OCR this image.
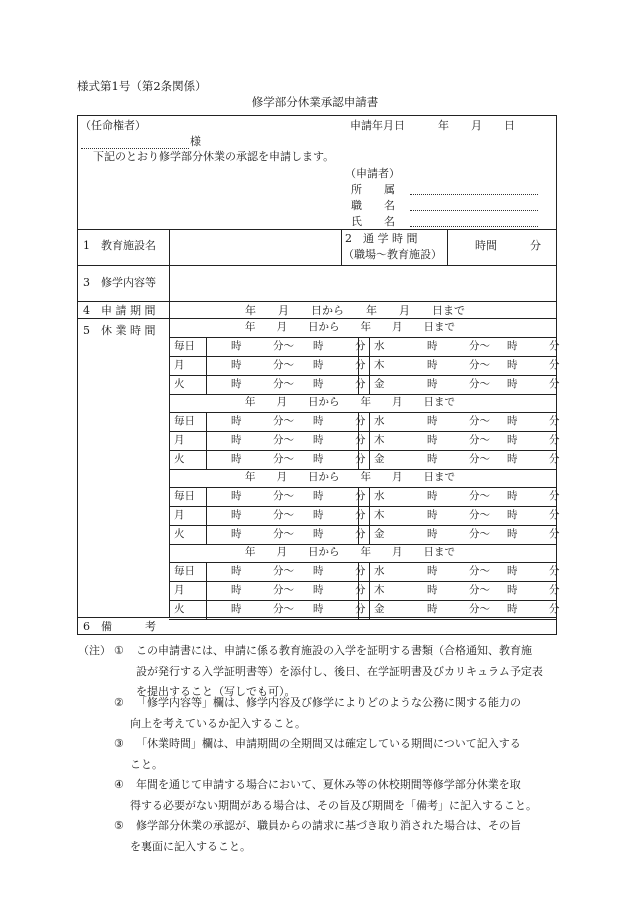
様式第1号（第2条関係）
修学部分休業承認申請書
（任命権者）	申請年月日　　　年　　月　　日
様
下記のとおり修学部分休業の承認を申請します。
（申請者）
所　　属
職　　名
氏　　名
1　教育施設名
2　通 学 時 間
（職場～教育施設）
時間　　　分
3　修学内容等
4　申 請 期 間	年　　月　　日から　　年　　月　　日まで
5　休 業 時 間	年　　月　　日から　　年　　月　　日まで
毎日	時　　　分～ 時　　　分 水	時　　　分～ 時　　　分
月	時　　　分～ 時　　　分 木	時　　　分～ 時　　　分
火	時　　　分～ 時　　　分 金	時　　　分～ 時　　　分
年　　月　　日から　　年　　月　　日まで
毎日	時　　　分～ 時　　　分 水	時　　　分～ 時　　　分
月	時　　　分～ 時　　　分 木	時　　　分～ 時　　　分
火	時　　　分～ 時　　　分 金	時　　　分～ 時　　　分
年　　月　　日から　　年　　月　　日まで
毎日	時　　　分～ 時　　　分 水	時　　　分～ 時　　　分
月	時　　　分～ 時　　　分 木	時　　　分～ 時　　　分
火	時　　　分～ 時　　　分 金	時　　　分～ 時　　　分
年　　月　　日から　　年　　月　　日まで
毎日	時　　　分～ 時　　　分 水	時　　　分～ 時　　　分
月	時　　　分～ 時　　　分 木	時　　　分～ 時　　　分
火	時　　　分～ 時　　　分 金	時　　　分～ 時　　　分
6　備　　　考
（注） ① この申請書には、申請に係る教育施設の入学を証明する書類（合格通知、教育施
設が発行する入学証明書等）を添付し、後日、在学証明書及びカリキュラム予定表
を提出すること（写しでも可）。
②	「修学内容等」欄は、修学内容及び修学によりどのような公務に関する能力の
向上を考えているか記入すること。
③	「休業時間」欄は、申請期間の全期間又は確定している期間について記入する
こと。
④	年間を通じて申請する場合において、夏休み等の休校期間等修学部分休業を取
得する必要がない期間がある場合は、その旨及び期間を「備考」に記入すること。
⑤	修学部分休業の承認が、職員からの請求に基づき取り消された場合は、その旨
を裏面に記入すること。
